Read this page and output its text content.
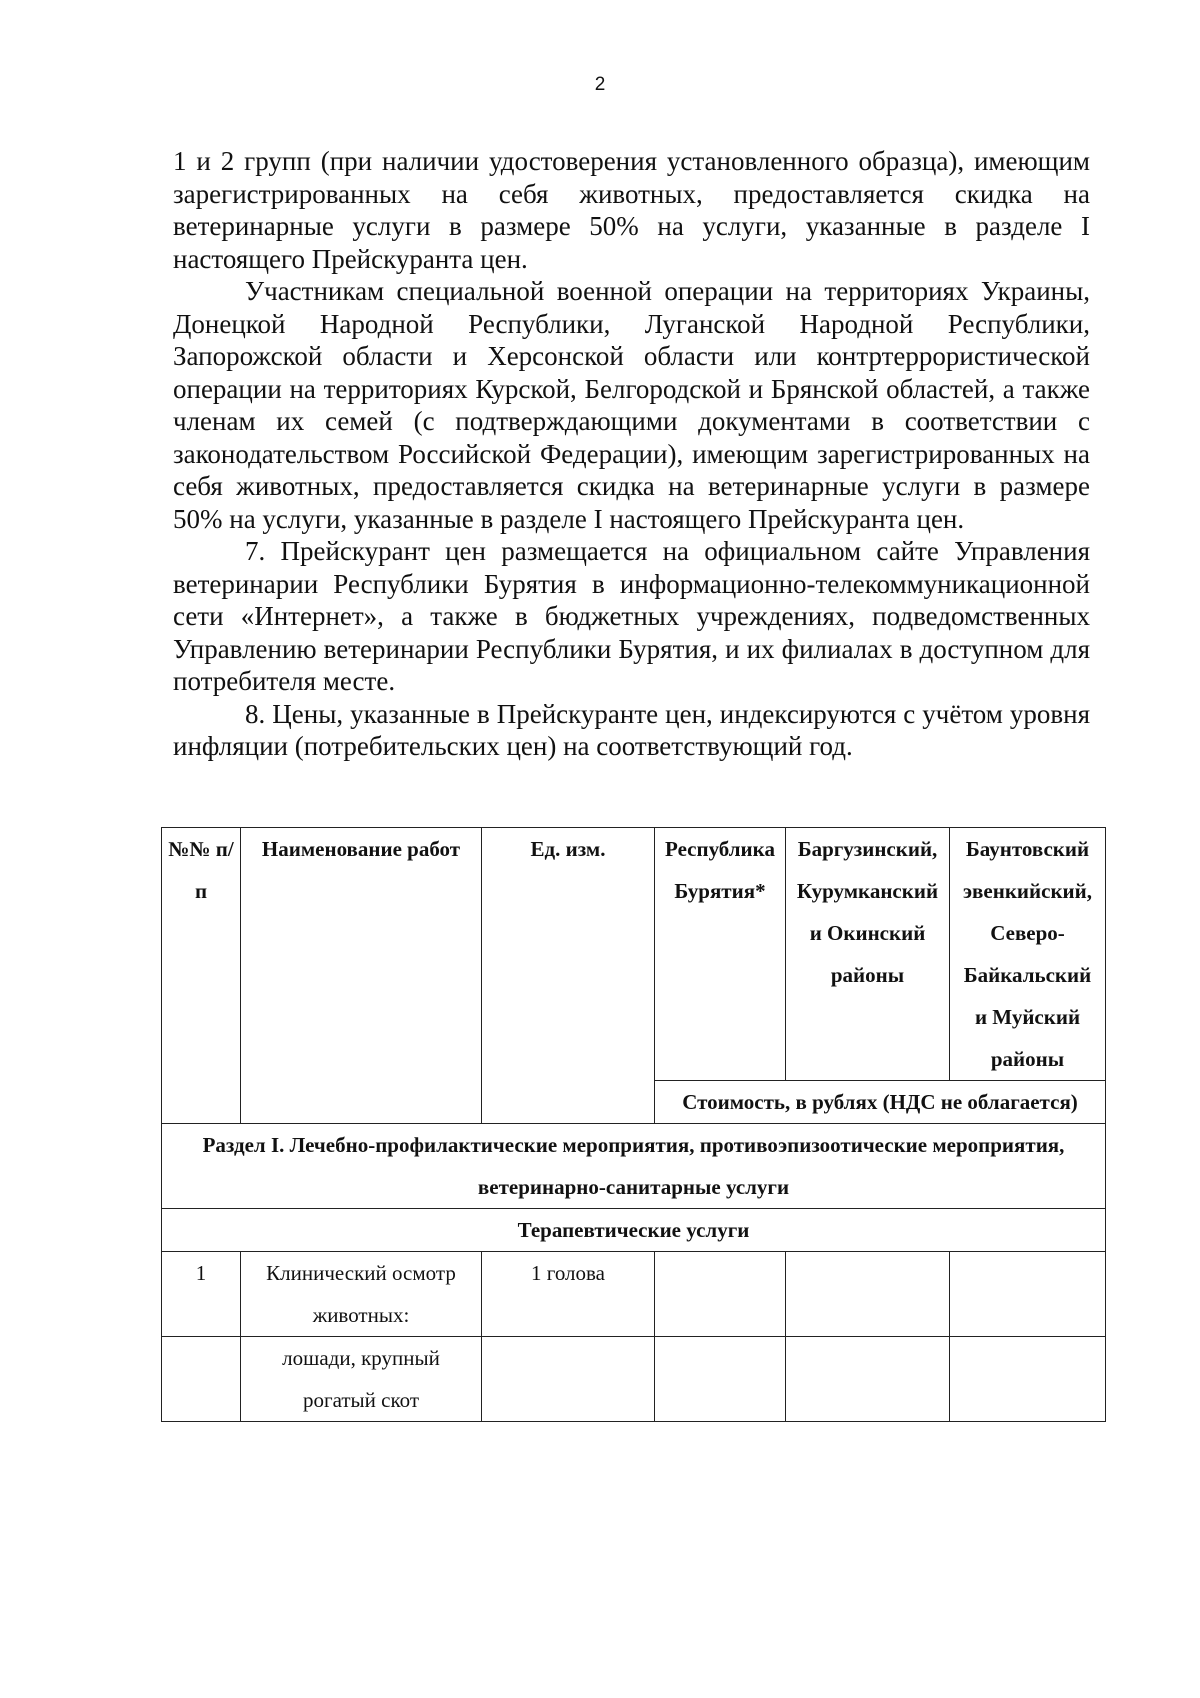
2

1 и 2 групп (при наличии удостоверения установленного образца), имеющим зарегистрированных на себя животных, предоставляется скидка на ветеринарные услуги в размере 50% на услуги, указанные в разделе I настоящего Прейскуранта цен.

Участникам специальной военной операции на территориях Украины, Донецкой Народной Республики, Луганской Народной Республики, Запорожской области и Херсонской области или контртеррористической операции на территориях Курской, Белгородской и Брянской областей, а также членам их семей (с подтверждающими документами в соответствии с законодательством Российской Федерации), имеющим зарегистрированных на себя животных, предоставляется скидка на ветеринарные услуги в размере 50% на услуги, указанные в разделе I настоящего Прейскуранта цен.

7. Прейскурант цен размещается на официальном сайте Управления ветеринарии Республики Бурятия в информационно-телекоммуникационной сети «Интернет», а также в бюджетных учреждениях, подведомственных Управлению ветеринарии Республики Бурятия, и их филиалах в доступном для потребителя месте.

8. Цены, указанные в Прейскуранте цен, индексируются с учётом уровня инфляции (потребительских цен) на соответствующий год.

№№ п/п	Наименование работ	Ед. изм.	Республика Бурятия*	Баргузинский, Курумканский и Окинский районы	Баунтовский эвенкийский, Северо-Байкальский и Муйский районы
			Стоимость, в рублях (НДС не облагается)		
Раздел I. Лечебно-профилактические мероприятия, противоэпизоотические мероприятия, ветеринарно-санитарные услуги					
Терапевтические услуги					
1	Клинический осмотр животных:	1 голова			
	лошади, крупный рогатый скот				
